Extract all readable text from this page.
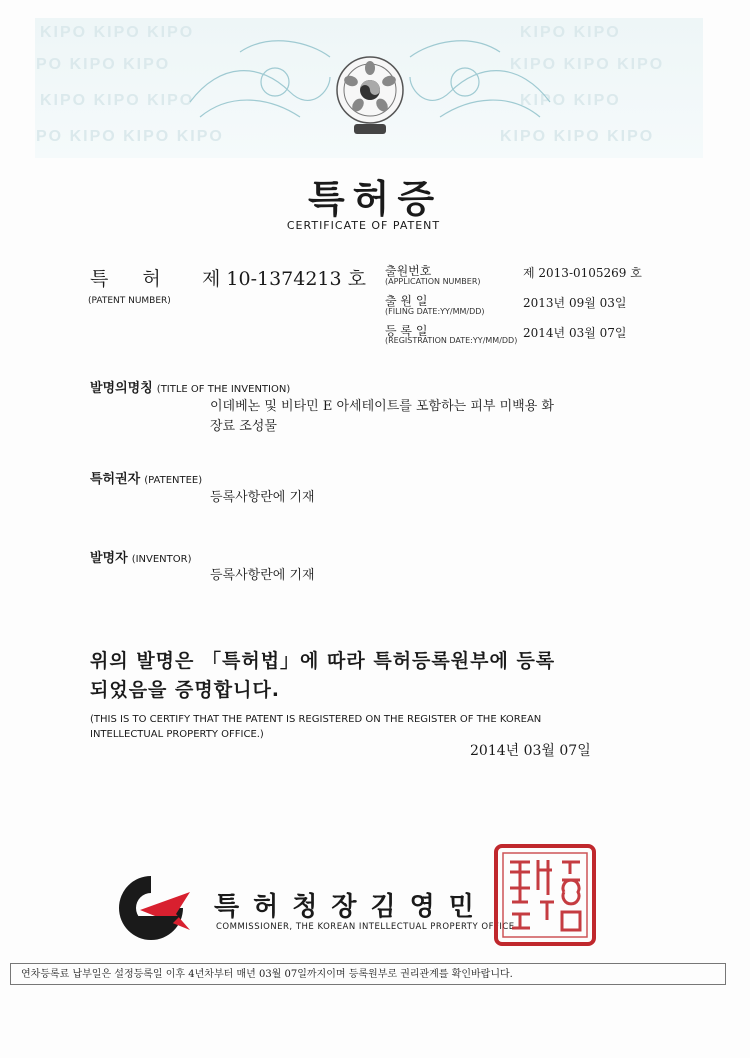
KIPO KIPO KIPO
PO KIPO KIPO
KIPO KIPO KIPO
PO KIPO KIPO KIPO
KIPO KIPO
KIPO KIPO KIPO
KIPO KIPO
KIPO KIPO KIPO
특허증
CERTIFICATE OF PATENT
특 허 제 10-1374213 호
(PATENT NUMBER)
출원번호
(APPLICATION NUMBER)
제 2013-0105269 호
출 원 일
(FILING DATE:YY/MM/DD)
2013년 09월 03일
등 록 일
(REGISTRATION DATE:YY/MM/DD)
2014년 03월 07일
발명의명칭 (TITLE OF THE INVENTION)
이데베논 및 비타민 E 아세테이트를 포함하는 피부 미백용 화
장료 조성물
특허권자 (PATENTEE)
등록사항란에 기재
발명자 (INVENTOR)
등록사항란에 기재
위의 발명은 「특허법」에 따라 특허등록원부에 등록
되었음을 증명합니다.
(THIS IS TO CERTIFY THAT THE PATENT IS REGISTERED ON THE REGISTER OF THE KOREAN
INTELLECTUAL PROPERTY OFFICE.)
2014년 03월 07일
특허청장김영민
COMMISSIONER, THE KOREAN INTELLECTUAL PROPERTY OFFICE
연차등록료 납부일은 설정등록일 이후 4년차부터 매년 03월 07일까지이며 등록원부로 권리관계를 확인바랍니다.
